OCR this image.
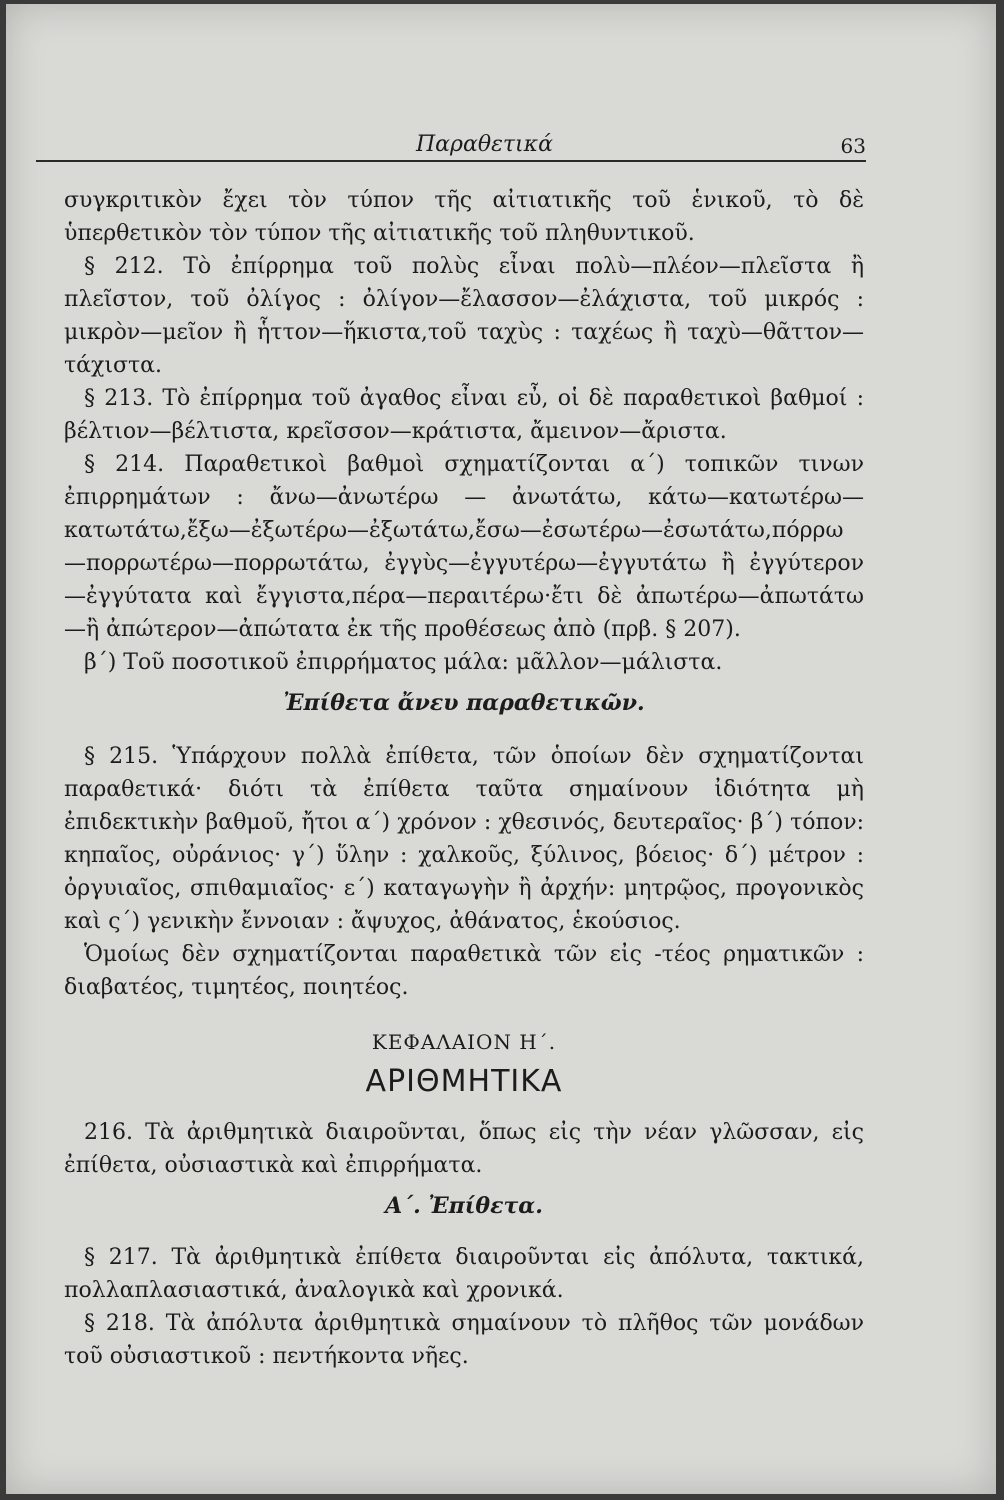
Παραθετικά	63

συγκριτικὸν ἔχει τὸν τύπον τῆς αἰτιατικῆς τοῦ ἑνικοῦ, τὸ δὲ ὑπερθετικὸν τὸν τύπον τῆς αἰτιατικῆς τοῦ πληθυντικοῦ.

§ 212. Τὸ ἐπίρρημα τοῦ πολὺς εἶναι πολὺ—πλέον—πλεῖστα ἢ πλεῖστον, τοῦ ὀλίγος : ὀλίγον—ἔλασσον—ἐλάχιστα, τοῦ μικρός : μικρὸν—μεῖον ἢ ἧττον—ἥκιστα,τοῦ ταχὺς : ταχέως ἢ ταχὺ—θᾶττον—τάχιστα.

§ 213. Τὸ ἐπίρρημα τοῦ ἀγαθος εἶναι εὖ, οἱ δὲ παραθετικοὶ βαθμοί : βέλτιον—βέλτιστα, κρεῖσσον—κράτιστα, ἄμεινον—ἄριστα.

§ 214. Παραθετικοὶ βαθμοὶ σχηματίζονται α΄) τοπικῶν τινων ἐπιρρημάτων : ἄνω—ἀνωτέρω — ἀνωτάτω, κάτω—κατωτέρω—κατωτάτω,ἔξω—ἐξωτέρω—ἐξωτάτω,ἔσω—ἐσωτέρω—ἐσωτάτω,πόρρω—πορρωτέρω—πορρωτάτω, ἐγγὺς—ἐγγυτέρω—ἐγγυτάτω ἢ ἐγγύτερον —ἐγγύτατα καὶ ἔγγιστα,πέρα—περαιτέρω·ἔτι δὲ ἀπωτέρω—ἀπωτάτω —ἢ ἀπώτερον—ἀπώτατα ἐκ τῆς προθέσεως ἀπὸ (πρβ. § 207).

β΄) Τοῦ ποσοτικοῦ ἐπιρρήματος μάλα: μᾶλλον—μάλιστα.

Ἐπίθετα ἄνευ παραθετικῶν.

§ 215. Ὑπάρχουν πολλὰ ἐπίθετα, τῶν ὁποίων δὲν σχηματίζονται παραθετικά· διότι τὰ ἐπίθετα ταῦτα σημαίνουν ἰδιότητα μὴ ἐπιδεκτικὴν βαθμοῦ, ἤτοι α΄) χρόνον : χθεσινός, δευτεραῖος· β΄) τόπον: κηπαῖος, οὐράνιος· γ΄) ὕλην : χαλκοῦς, ξύλινος, βόειος· δ΄) μέτρον : ὀργυιαῖος, σπιθαμιαῖος· ε΄) καταγωγὴν ἢ ἀρχήν: μητρῷος, προγονικὸς καὶ ς΄) γενικὴν ἔννοιαν : ἄψυχος, ἀθάνατος, ἑκούσιος.

Ὁμοίως δὲν σχηματίζονται παραθετικὰ τῶν εἰς -τέος ρηματικῶν : διαβατέος, τιμητέος, ποιητέος.

ΚΕΦΑΛΑΙΟΝ Η΄.
ΑΡΙΘΜΗΤΙΚΑ

216. Τὰ ἀριθμητικὰ διαιροῦνται, ὅπως εἰς τὴν νέαν γλῶσσαν, εἰς ἐπίθετα, οὐσιαστικὰ καὶ ἐπιρρήματα.

Α΄. Ἐπίθετα.

§ 217. Τὰ ἀριθμητικὰ ἐπίθετα διαιροῦνται εἰς ἀπόλυτα, τακτικά, πολλαπλασιαστικά, ἀναλογικὰ καὶ χρονικά.

§ 218. Τὰ ἀπόλυτα ἀριθμητικὰ σημαίνουν τὸ πλῆθος τῶν μονάδων τοῦ οὐσιαστικοῦ : πεντήκοντα νῆες.
